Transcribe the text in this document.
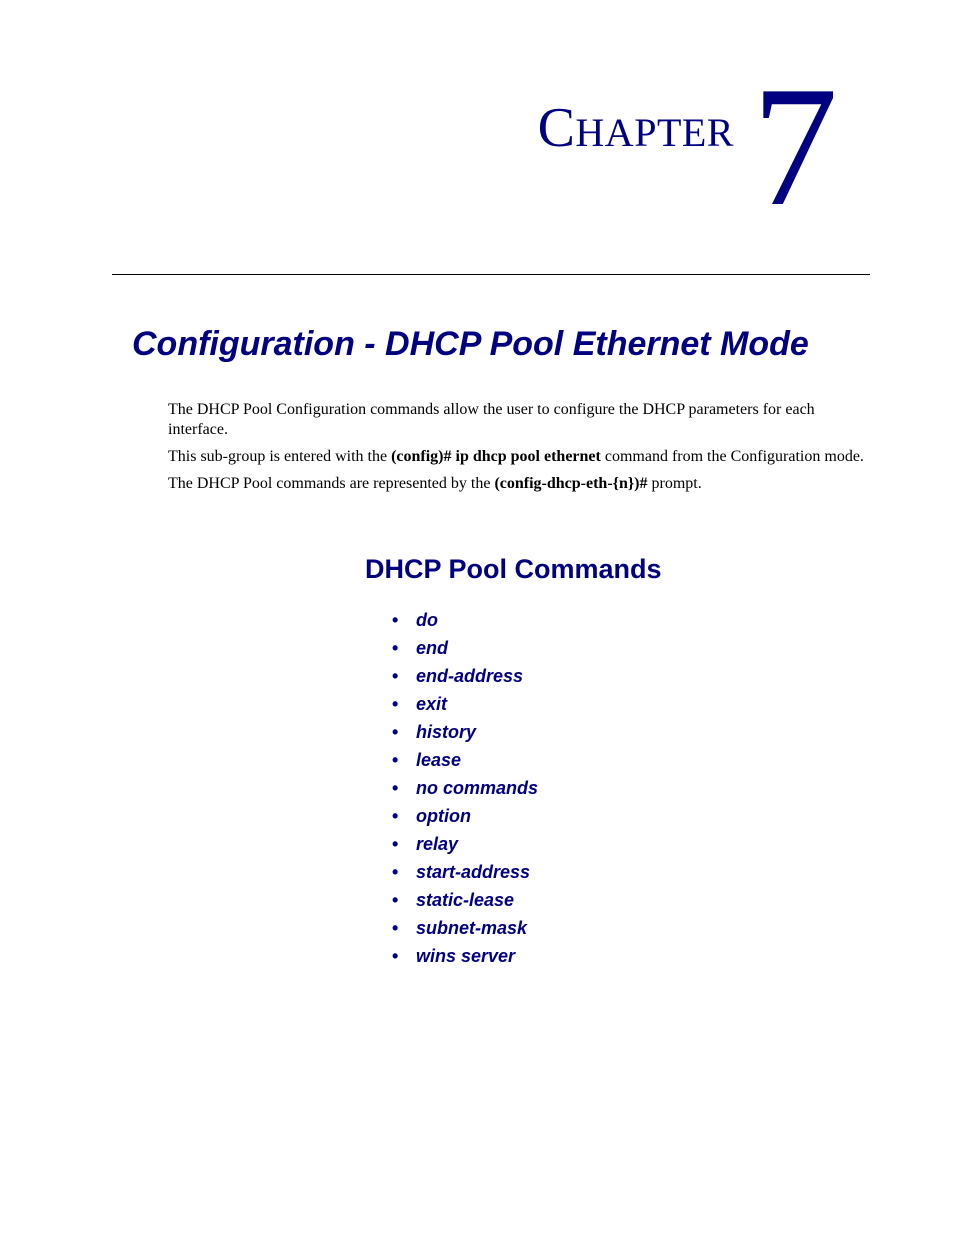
CHAPTER 7
Configuration - DHCP Pool Ethernet Mode

The DHCP Pool Configuration commands allow the user to configure the DHCP parameters for each interface.

This sub-group is entered with the (config)# ip dhcp pool ethernet command from the Configuration mode.

The DHCP Pool commands are represented by the (config-dhcp-eth-{n})# prompt.

DHCP Pool Commands
• do
• end
• end-address
• exit
• history
• lease
• no commands
• option
• relay
• start-address
• static-lease
• subnet-mask
• wins server
